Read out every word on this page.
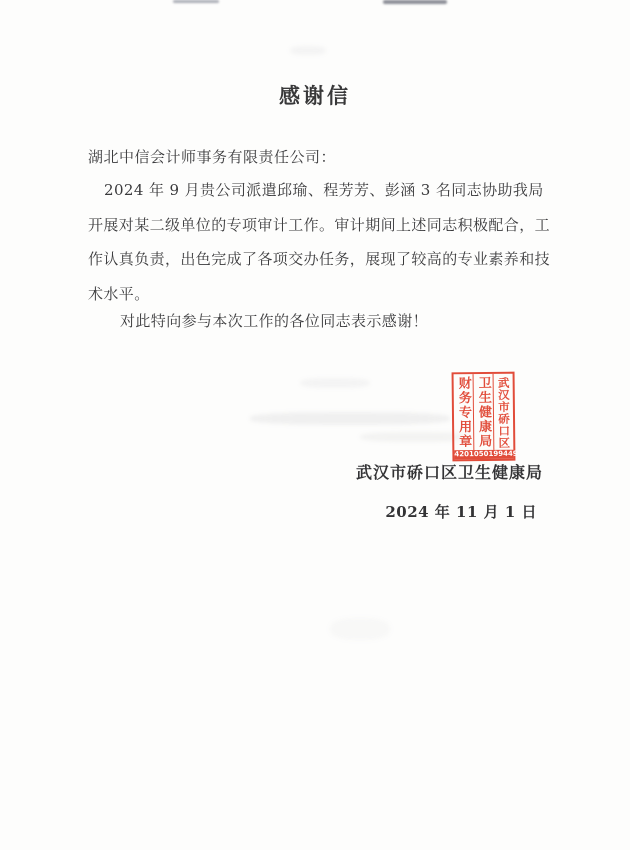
感谢信
湖北中信会计师事务有限责任公司：
2024 年 9 月贵公司派遣邱瑜、程芳芳、彭涵 3 名同志协助我局
开展对某二级单位的专项审计工作。审计期间上述同志积极配合，工
作认真负责，出色完成了各项交办任务，展现了较高的专业素养和技
术水平。
对此特向参与本次工作的各位同志表示感谢！
财务专用章 卫生健康局 武汉市硚口区
4201050199449
武汉市硚口区卫生健康局
2024 年 11 月 1 日
